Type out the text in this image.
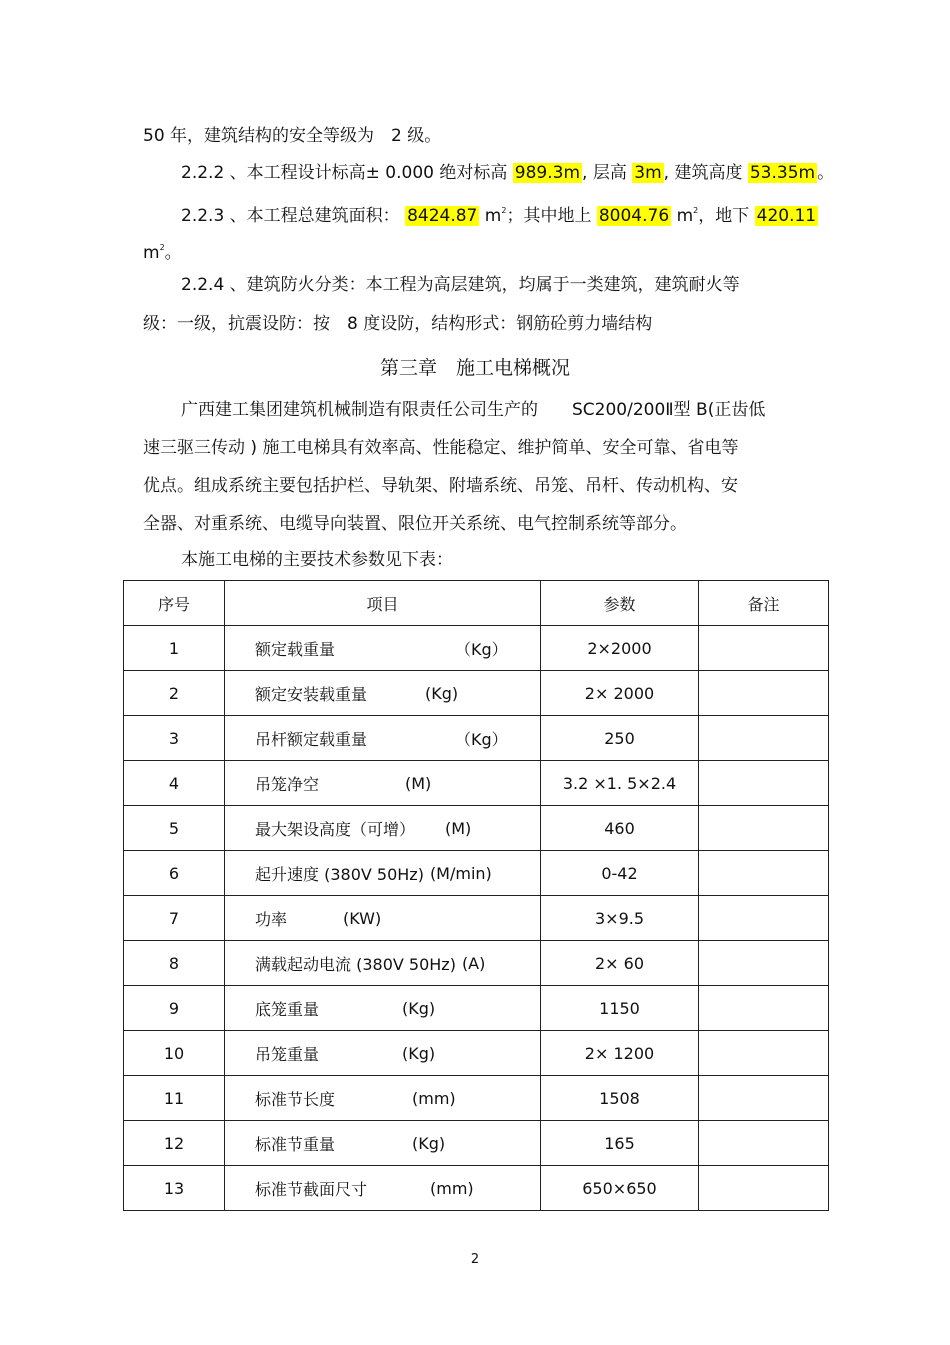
50 年，建筑结构的安全等级为　2 级。
2.2.2 、本工程设计标高± 0.000 绝对标高 989.3m , 层高 3m , 建筑高度 53.35m 。
2.2.3 、本工程总建筑面积： 8424.87 $m^2$；其中地上 8004.76 $m^2$，地下 420.11
$m^2$。
2.2.4 、建筑防火分类：本工程为高层建筑，均属于一类建筑，建筑耐火等
级：一级，抗震设防：按　8 度设防，结构形式：钢筋砼剪力墙结构
第三章　施工电梯概况
广西建工集团建筑机械制造有限责任公司生产的　　SC200/200Ⅱ型 B(正齿低
速三驱三传动 ) 施工电梯具有效率高、性能稳定、维护简单、安全可靠、省电等
优点。组成系统主要包括护栏、导轨架、附墙系统、吊笼、吊杆、传动机构、安
全器、对重系统、电缆导向装置、限位开关系统、电气控制系统等部分。
本施工电梯的主要技术参数见下表：
序号	项目	参数	备注
1	额定载重量 （Kg）	2×2000	
2	额定安装载重量 (Kg)	2× 2000	
3	吊杆额定载重量 （Kg）	250	
4	吊笼净空 (M)	3.2 ×1. 5×2.4	
5	最大架设高度（可增） (M)	460	
6	起升速度 (380V 50Hz) (M/min)	0-42	
7	功率 (KW)	3×9.5	
8	满载起动电流 (380V 50Hz) (A)	2× 60	
9	底笼重量 (Kg)	1150	
10	吊笼重量 (Kg)	2× 1200	
11	标准节长度 (mm)	1508	
12	标准节重量 (Kg)	165	
13	标准节截面尺寸 (mm)	650×650	
2
